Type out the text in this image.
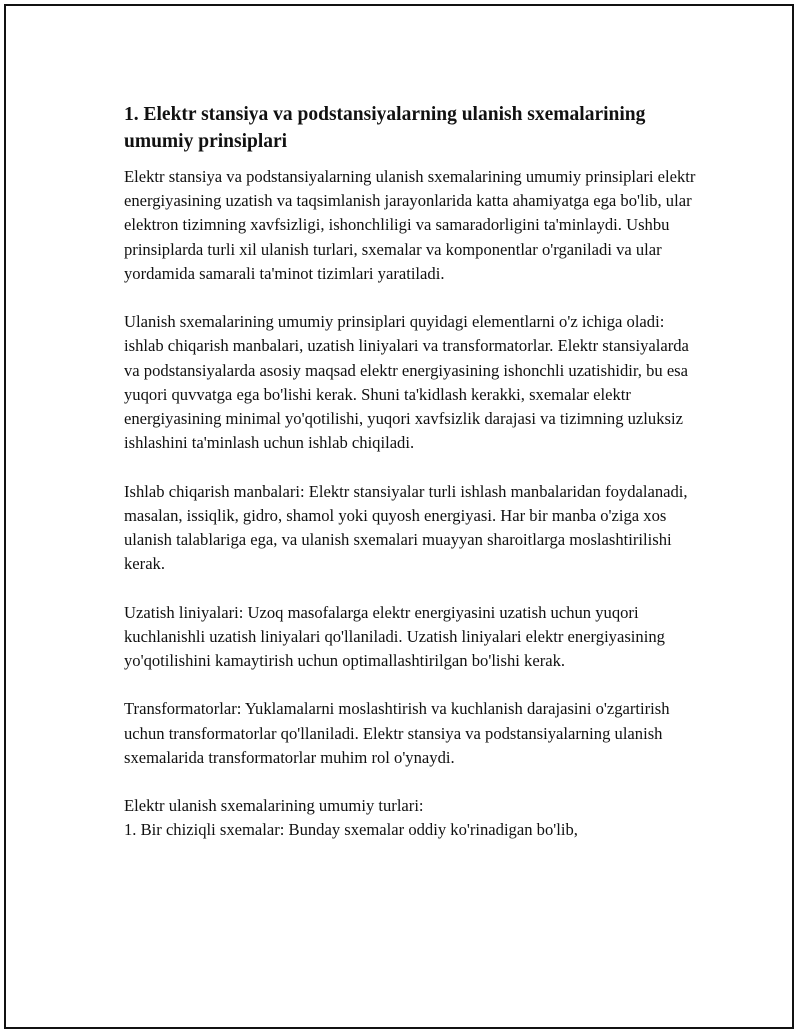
1. Elektr stansiya va podstansiyalarning ulanish sxemalarining umumiy prinsiplari

Elektr stansiya va podstansiyalarning ulanish sxemalarining umumiy prinsiplari elektr energiyasining uzatish va taqsimlanish jarayonlarida katta ahamiyatga ega bo'lib, ular elektron tizimning xavfsizligi, ishonchliligi va samaradorligini ta'minlaydi. Ushbu prinsiplarda turli xil ulanish turlari, sxemalar va komponentlar o'rganiladi va ular yordamida samarali ta'minot tizimlari yaratiladi.

Ulanish sxemalarining umumiy prinsiplari quyidagi elementlarni o'z ichiga oladi: ishlab chiqarish manbalari, uzatish liniyalari va transformatorlar. Elektr stansiyalarda va podstansiyalarda asosiy maqsad elektr energiyasining ishonchli uzatishidir, bu esa yuqori quvvatga ega bo'lishi kerak. Shuni ta'kidlash kerakki, sxemalar elektr energiyasining minimal yo'qotilishi, yuqori xavfsizlik darajasi va tizimning uzluksiz ishlashini ta'minlash uchun ishlab chiqiladi.

Ishlab chiqarish manbalari: Elektr stansiyalar turli ishlash manbalaridan foydalanadi, masalan, issiqlik, gidro, shamol yoki quyosh energiyasi. Har bir manba o'ziga xos ulanish talablariga ega, va ulanish sxemalari muayyan sharoitlarga moslashtirilishi kerak.

Uzatish liniyalari: Uzoq masofalarga elektr energiyasini uzatish uchun yuqori kuchlanishli uzatish liniyalari qo'llaniladi. Uzatish liniyalari elektr energiyasining yo'qotilishini kamaytirish uchun optimallashtirilgan bo'lishi kerak.

Transformatorlar: Yuklamalarni moslashtirish va kuchlanish darajasini o'zgartirish uchun transformatorlar qo'llaniladi. Elektr stansiya va podstansiyalarning ulanish sxemalarida transformatorlar muhim rol o'ynaydi.

Elektr ulanish sxemalarining umumiy turlari:

1. Bir chiziqli sxemalar: Bunday sxemalar oddiy ko'rinadigan bo'lib,
